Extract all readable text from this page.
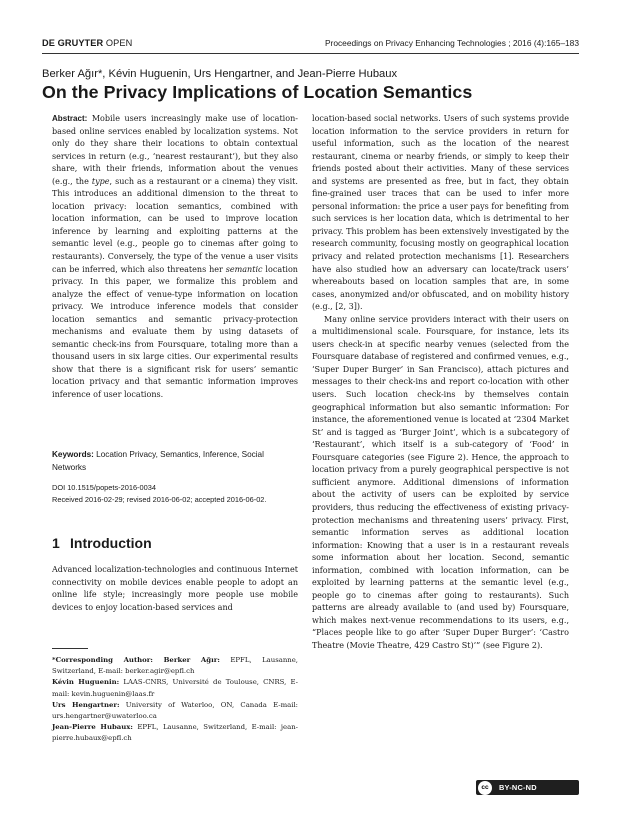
DE GRUYTER OPEN	Proceedings on Privacy Enhancing Technologies ; 2016 (4):165–183
Berker Ağır*, Kévin Huguenin, Urs Hengartner, and Jean-Pierre Hubaux
On the Privacy Implications of Location Semantics

Abstract: Mobile users increasingly make use of location-based online services enabled by localization systems. Not only do they share their locations to obtain contextual services in return (e.g., ‘nearest restaurant’), but they also share, with their friends, information about the venues (e.g., the type, such as a restaurant or a cinema) they visit. This introduces an additional dimension to the threat to location privacy: location semantics, combined with location information, can be used to improve location inference by learning and exploiting patterns at the semantic level (e.g., people go to cinemas after going to restaurants). Conversely, the type of the venue a user visits can be inferred, which also threatens her semantic location privacy. In this paper, we formalize this problem and analyze the effect of venue-type information on location privacy. We introduce inference models that consider location semantics and semantic privacy-protection mechanisms and evaluate them by using datasets of semantic check-ins from Foursquare, totaling more than a thousand users in six large cities. Our experimental results show that there is a significant risk for users’ semantic location privacy and that semantic information improves inference of user locations.

Keywords: Location Privacy, Semantics, Inference, Social Networks
DOI 10.1515/popets-2016-0034
Received 2016-02-29; revised 2016-06-02; accepted 2016-06-02.
1 Introduction

Advanced localization-technologies and continuous Internet connectivity on mobile devices enable people to adopt an online life style; increasingly more people use mobile devices to enjoy location-based services and

*Corresponding Author: Berker Ağır: EPFL, Lausanne, Switzerland, E-mail: berker.agir@epfl.ch
Kévin Huguenin: LAAS-CNRS, Université de Toulouse, CNRS, E-mail: kevin.huguenin@laas.fr
Urs Hengartner: University of Waterloo, ON, Canada E-mail: urs.hengartner@uwaterloo.ca
Jean-Pierre Hubaux: EPFL, Lausanne, Switzerland, E-mail: jean-pierre.hubaux@epfl.ch

location-based social networks. Users of such systems provide location information to the service providers in return for useful information, such as the location of the nearest restaurant, cinema or nearby friends, or simply to keep their friends posted about their activities. Many of these services and systems are presented as free, but in fact, they obtain fine-grained user traces that can be used to infer more personal information: the price a user pays for benefiting from such services is her location data, which is detrimental to her privacy. This problem has been extensively investigated by the research community, focusing mostly on geographical location privacy and related protection mechanisms [1]. Researchers have also studied how an adversary can locate/track users’ whereabouts based on location samples that are, in some cases, anonymized and/or obfuscated, and on mobility history (e.g., [2, 3]).

Many online service providers interact with their users on a multidimensional scale. Foursquare, for instance, lets its users check-in at specific nearby venues (selected from the Foursquare database of registered and confirmed venues, e.g., ‘Super Duper Burger’ in San Francisco), attach pictures and messages to their check-ins and report co-location with other users. Such location check-ins by themselves contain geographical information but also semantic information: For instance, the aforementioned venue is located at ‘2304 Market St’ and is tagged as ‘Burger Joint’, which is a subcategory of ‘Restaurant’, which itself is a sub-category of ‘Food’ in Foursquare categories (see Figure 2). Hence, the approach to location privacy from a purely geographical perspective is not sufficient anymore. Additional dimensions of information about the activity of users can be exploited by service providers, thus reducing the effectiveness of existing privacy-protection mechanisms and threatening users’ privacy. First, semantic information serves as additional location information: Knowing that a user is in a restaurant reveals some information about her location. Second, semantic information, combined with location information, can be exploited by learning patterns at the semantic level (e.g., people go to cinemas after going to restaurants). Such patterns are already available to (and used by) Foursquare, which makes next-venue recommendations to its users, e.g., “Places people like to go after ‘Super Duper Burger’: ‘Castro Theatre (Movie Theatre, 429 Castro St)’” (see Figure 2).

cc	BY-NC-ND
